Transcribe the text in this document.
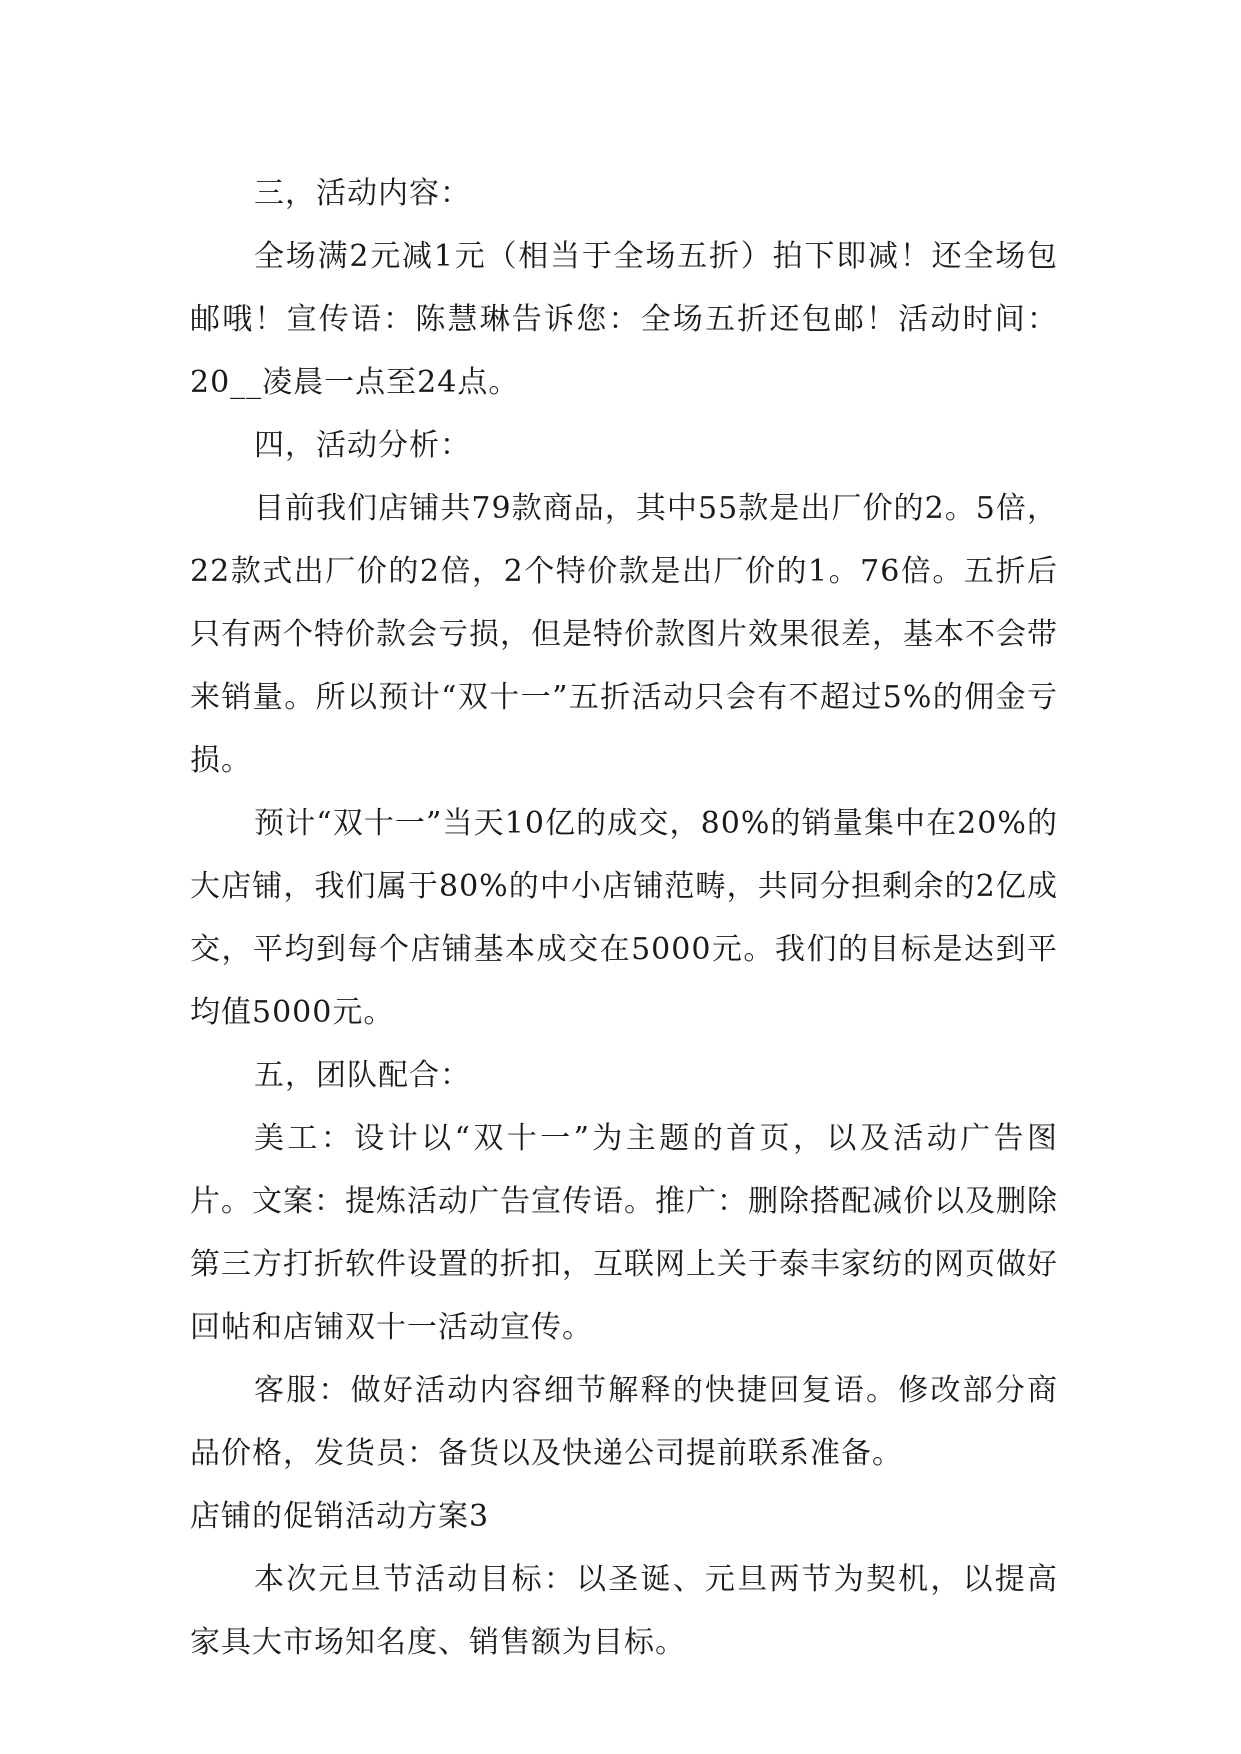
三，活动内容：

全场满2元减1元（相当于全场五折）拍下即减！还全场包邮哦！宣传语：陈慧琳告诉您：全场五折还包邮！活动时间：20__凌晨一点至24点。

四，活动分析：

目前我们店铺共79款商品，其中55款是出厂价的2。5倍，22款式出厂价的2倍，2个特价款是出厂价的1。76倍。五折后只有两个特价款会亏损，但是特价款图片效果很差，基本不会带来销量。所以预计“双十一”五折活动只会有不超过5%的佣金亏损。

预计“双十一”当天10亿的成交，80%的销量集中在20%的大店铺，我们属于80%的中小店铺范畴，共同分担剩余的2亿成交，平均到每个店铺基本成交在5000元。我们的目标是达到平均值5000元。

五，团队配合：

美工：设计以“双十一”为主题的首页，以及活动广告图片。文案：提炼活动广告宣传语。推广：删除搭配减价以及删除第三方打折软件设置的折扣，互联网上关于泰丰家纺的网页做好回帖和店铺双十一活动宣传。

客服：做好活动内容细节解释的快捷回复语。修改部分商品价格，发货员：备货以及快递公司提前联系准备。

店铺的促销活动方案3

本次元旦节活动目标：以圣诞、元旦两节为契机，以提高家具大市场知名度、销售额为目标。
